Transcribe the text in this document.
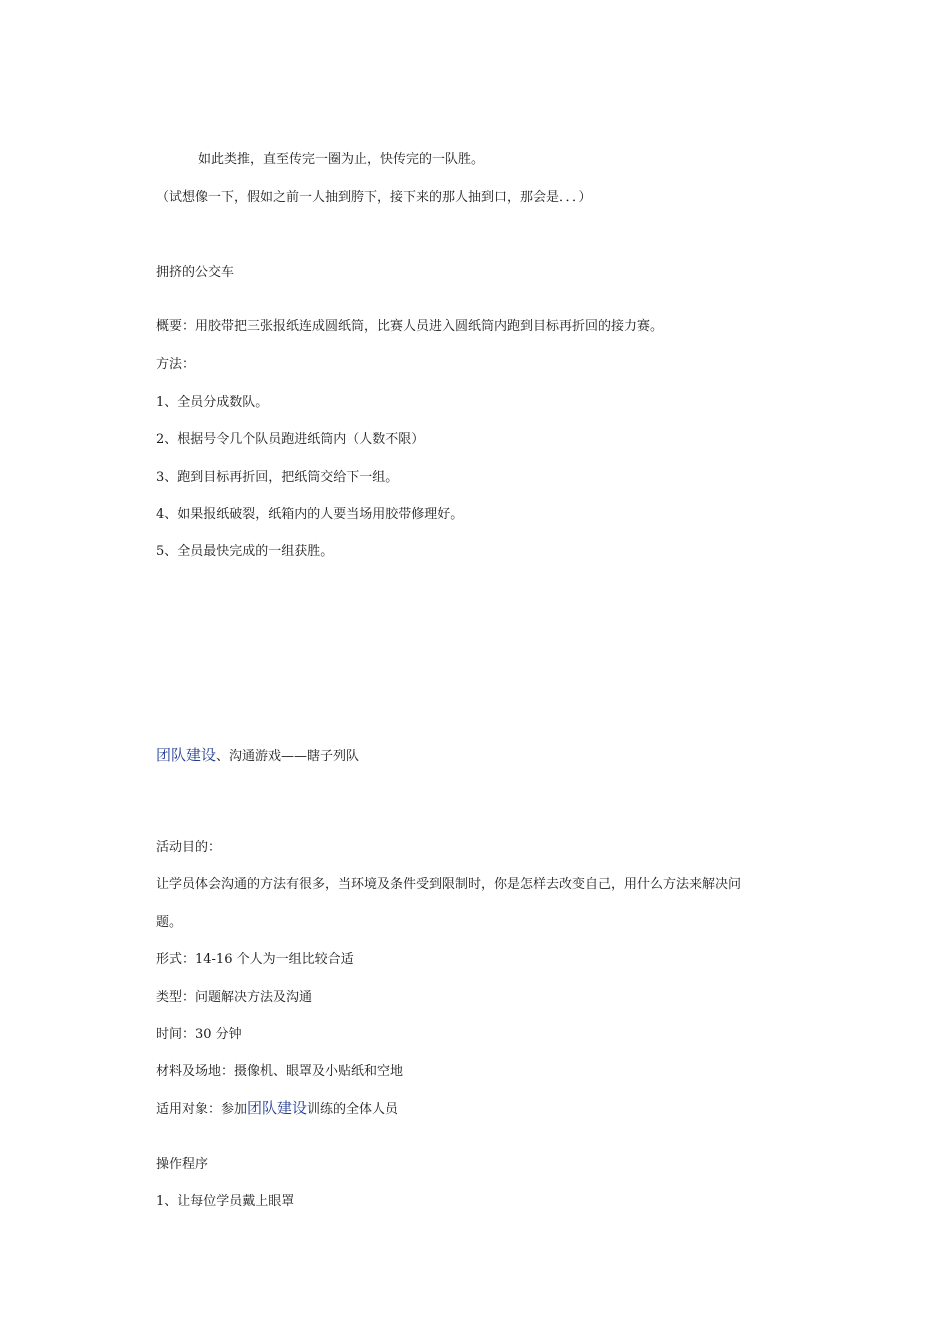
如此类推，直至传完一圈为止，快传完的一队胜。
（试想像一下，假如之前一人抽到胯下，接下来的那人抽到口，那会是．．．）
拥挤的公交车
概要：用胶带把三张报纸连成圆纸筒，比赛人员进入圆纸筒内跑到目标再折回的接力赛。
方法：
1、全员分成数队。
2、根据号令几个队员跑进纸筒内（人数不限）
3、跑到目标再折回，把纸筒交给下一组。
4、如果报纸破裂，纸箱内的人要当场用胶带修理好。
5、全员最快完成的一组获胜。
团队建设、沟通游戏——瞎子列队
活动目的：
让学员体会沟通的方法有很多，当环境及条件受到限制时，你是怎样去改变自己，用什么方法来解决问
题。
形式：14-16 个人为一组比较合适
类型：问题解决方法及沟通
时间：30 分钟
材料及场地：摄像机、眼罩及小贴纸和空地
适用对象：参加团队建设训练的全体人员
操作程序
1、让每位学员戴上眼罩
